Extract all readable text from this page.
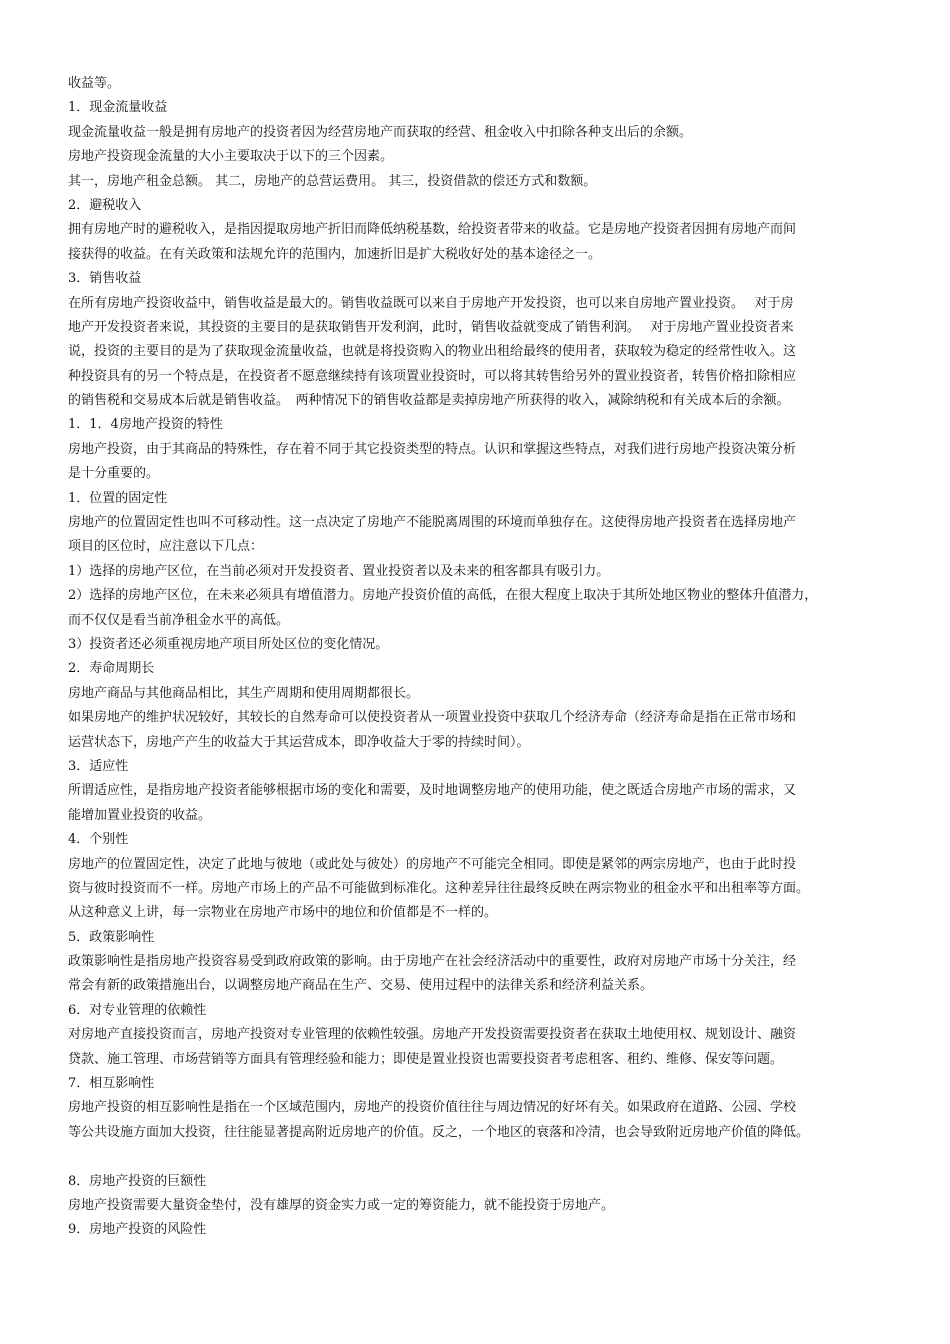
收益等。
1．现金流量收益
现金流量收益一般是拥有房地产的投资者因为经营房地产而获取的经营、租金收入中扣除各种支出后的余额。
房地产投资现金流量的大小主要取决于以下的三个因素。
其一，房地产租金总额。 其二，房地产的总营运费用。 其三，投资借款的偿还方式和数额。
2．避税收入
拥有房地产时的避税收入，是指因提取房地产折旧而降低纳税基数，给投资者带来的收益。它是房地产投资者因拥有房地产而间
接获得的收益。在有关政策和法规允许的范围内，加速折旧是扩大税收好处的基本途径之一。
3．销售收益
在所有房地产投资收益中，销售收益是最大的。销售收益既可以来自于房地产开发投资，也可以来自房地产置业投资。　 对于房
地产开发投资者来说，其投资的主要目的是获取销售开发利润，此时，销售收益就变成了销售利润。　 对于房地产置业投资者来
说，投资的主要目的是为了获取现金流量收益，也就是将投资购入的物业出租给最终的使用者，获取较为稳定的经常性收入。这
种投资具有的另一个特点是，在投资者不愿意继续持有该项置业投资时，可以将其转售给另外的置业投资者，转售价格扣除相应
的销售税和交易成本后就是销售收益。　两种情况下的销售收益都是卖掉房地产所获得的收入，减除纳税和有关成本后的余额。
1．1．4房地产投资的特性
房地产投资，由于其商品的特殊性，存在着不同于其它投资类型的特点。认识和掌握这些特点，对我们进行房地产投资决策分析
是十分重要的。
1．位置的固定性
房地产的位置固定性也叫不可移动性。这一点决定了房地产不能脱离周围的环境而单独存在。这使得房地产投资者在选择房地产
项目的区位时，应注意以下几点：
1）选择的房地产区位，在当前必须对开发投资者、置业投资者以及未来的租客都具有吸引力。
2）选择的房地产区位，在未来必须具有增值潜力。房地产投资价值的高低，在很大程度上取决于其所处地区物业的整体升值潜力，
而不仅仅是看当前净租金水平的高低。
3）投资者还必须重视房地产项目所处区位的变化情况。
2．寿命周期长
房地产商品与其他商品相比，其生产周期和使用周期都很长。
如果房地产的维护状况较好，其较长的自然寿命可以使投资者从一项置业投资中获取几个经济寿命（经济寿命是指在正常市场和
运营状态下，房地产产生的收益大于其运营成本，即净收益大于零的持续时间）。
3．适应性
所谓适应性，是指房地产投资者能够根据市场的变化和需要，及时地调整房地产的使用功能，使之既适合房地产市场的需求，又
能增加置业投资的收益。
4．个别性
房地产的位置固定性，决定了此地与彼地（或此处与彼处）的房地产不可能完全相同。即使是紧邻的两宗房地产，也由于此时投
资与彼时投资而不一样。房地产市场上的产品不可能做到标准化。这种差异往往最终反映在两宗物业的租金水平和出租率等方面。
从这种意义上讲，每一宗物业在房地产市场中的地位和价值都是不一样的。
5．政策影响性
政策影响性是指房地产投资容易受到政府政策的影响。由于房地产在社会经济活动中的重要性，政府对房地产市场十分关注，经
常会有新的政策措施出台，以调整房地产商品在生产、交易、使用过程中的法律关系和经济利益关系。
6．对专业管理的依赖性
对房地产直接投资而言，房地产投资对专业管理的依赖性较强。房地产开发投资需要投资者在获取土地使用权、规划设计、融资
贷款、施工管理、市场营销等方面具有管理经验和能力；即使是置业投资也需要投资者考虑租客、租约、维修、保安等问题。
7．相互影响性
房地产投资的相互影响性是指在一个区域范围内，房地产的投资价值往往与周边情况的好坏有关。如果政府在道路、公园、学校
等公共设施方面加大投资，往往能显著提高附近房地产的价值。反之，一个地区的衰落和冷清，也会导致附近房地产价值的降低。
8．房地产投资的巨额性
房地产投资需要大量资金垫付，没有雄厚的资金实力或一定的筹资能力，就不能投资于房地产。
9．房地产投资的风险性
